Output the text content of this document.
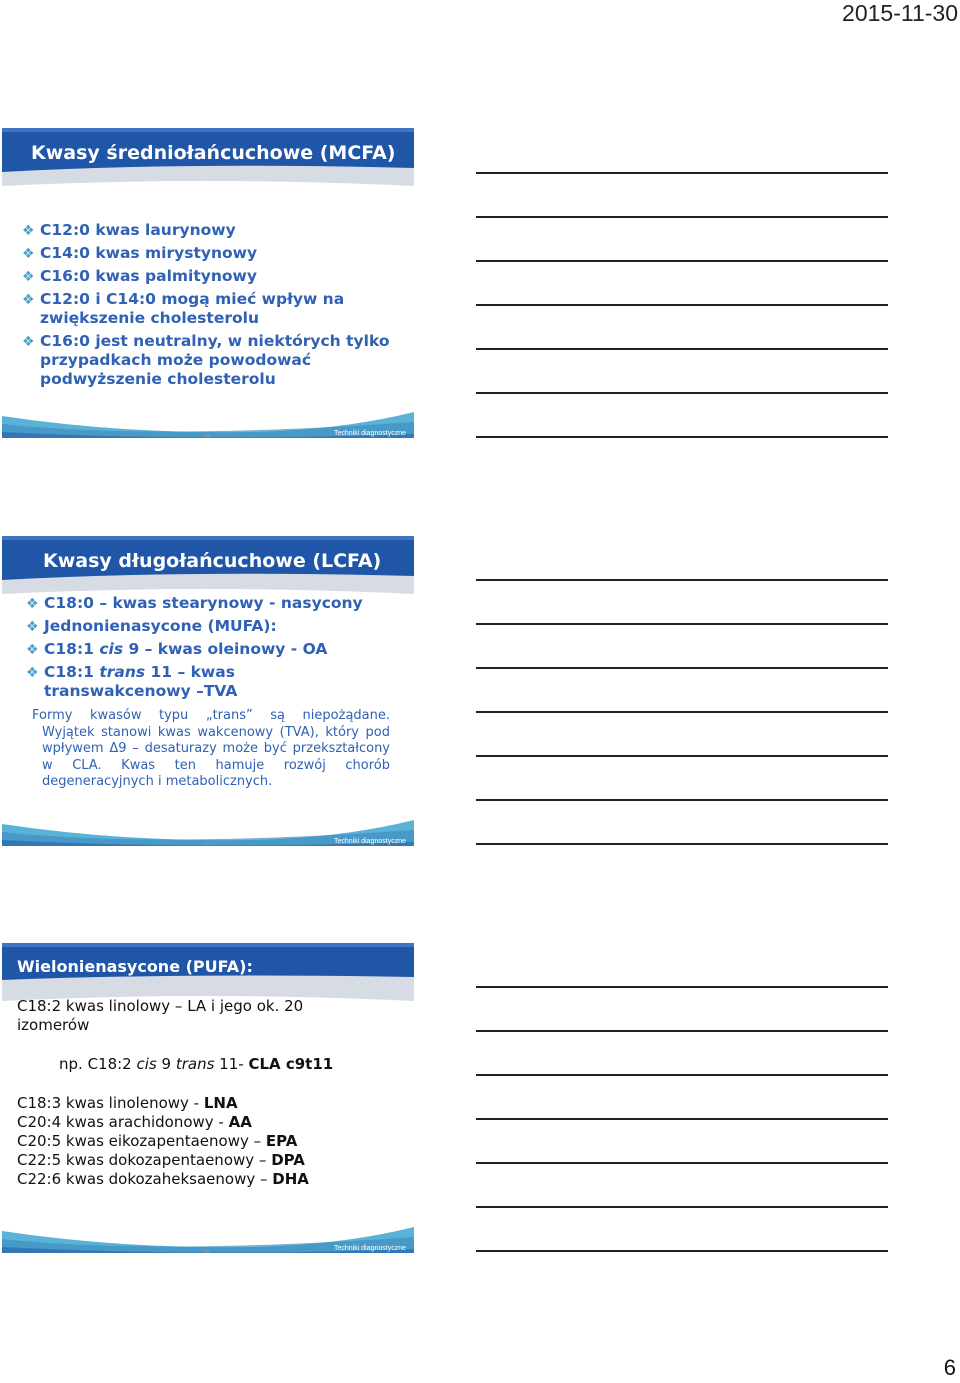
2015-11-30
Kwasy średniołańcuchowe (MCFA)
❖ C12:0 kwas laurynowy
❖ C14:0 kwas mirystynowy
❖ C16:0 kwas palmitynowy
❖ C12:0 i C14:0 mogą mieć wpływ na zwiększenie cholesterolu
❖ C16:0 jest neutralny, w niektórych tylko przypadkach może powodować podwyższenie cholesterolu
16
Techniki diagnostyczne
Kwasy długołańcuchowe (LCFA)
❖ C18:0 – kwas stearynowy - nasycony
❖ Jednonienasycone (MUFA):
❖ C18:1 cis 9 – kwas oleinowy - OA
❖ C18:1 trans 11 – kwas transwakcenowy –TVA
Formy kwasów typu „trans” są niepożądane.
Wyjątek stanowi kwas wakcenowy (TVA), który pod wpływem Δ9 – desaturazy może być przekształcony w CLA. Kwas ten hamuje rozwój chorób degeneracyjnych i metabolicznych.
17
Techniki diagnostyczne
Wielonienasycone (PUFA):
C18:2 kwas linolowy – LA i jego ok. 20 izomerów
np. C18:2 cis 9 trans 11- CLA c9t11
C18:3 kwas linolenowy - LNA
C20:4 kwas arachidonowy - AA
C20:5 kwas eikozapentaenowy – EPA
C22:5 kwas dokozapentaenowy – DPA
C22:6 kwas dokozaheksaenowy – DHA
18
Techniki diagnostyczne
6
